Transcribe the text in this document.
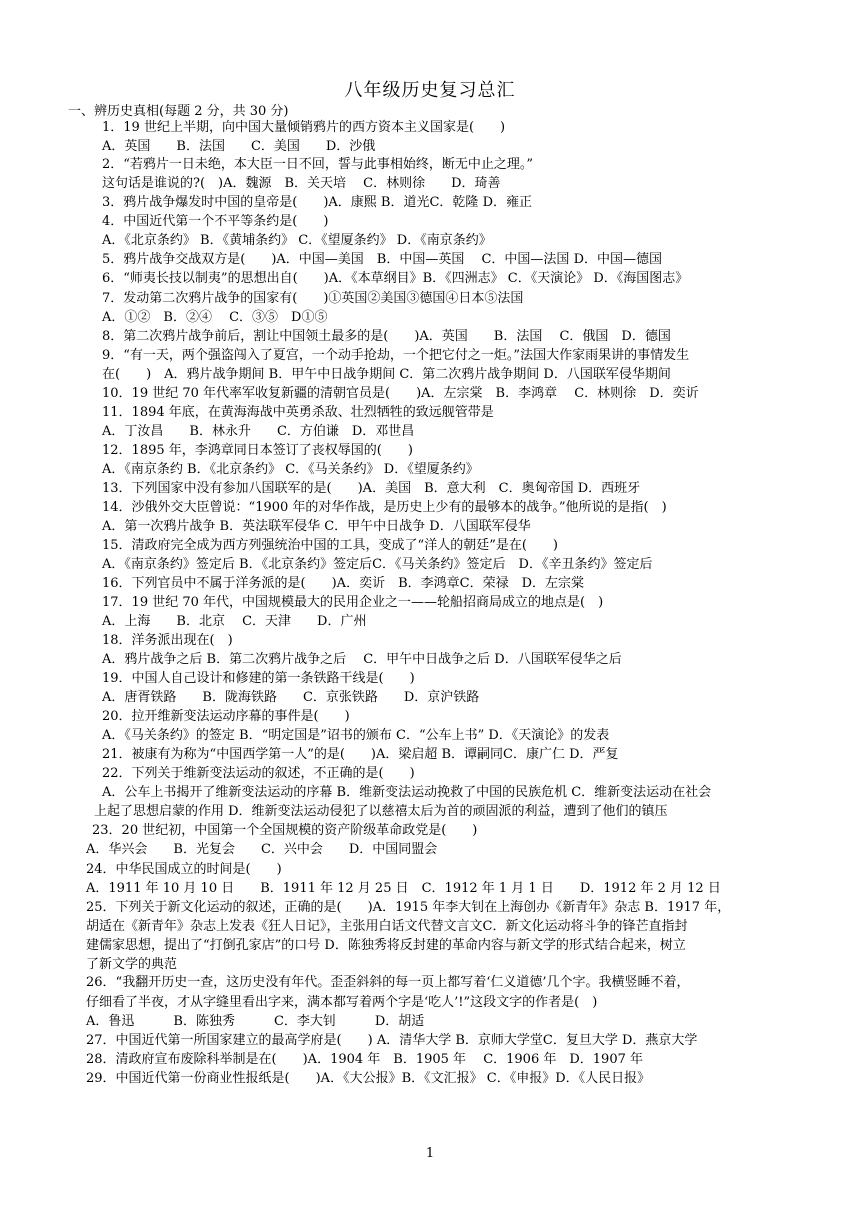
八年级历史复习总汇
一、辨历史真相(每题 2 分，共 30 分)
1．19 世纪上半期，向中国大量倾销鸦片的西方资本主义国家是(　　)
A．英国　　B．法国　　C．美国　　D．沙俄
2．“若鸦片一日未绝，本大臣一日不回，誓与此事相始终，断无中止之理。”
这句话是谁说的?(　)A．魏源　B．关天培　 C．林则徐　　D．琦善
3．鸦片战争爆发时中国的皇帝是(　　)A．康熙 B．道光C．乾隆 D．雍正
4．中国近代第一个不平等条约是(　　)
A．《北京条约》 B．《黄埔条约》 C．《望厦条约》 D．《南京条约》
5．鸦片战争交战双方是(　　)A．中国—美国　B．中国—英国　 C．中国—法国 D．中国—德国
6．“师夷长技以制夷”的思想出自(　　)A．《本草纲目》B．《四洲志》 C．《天演论》 D．《海国图志》
7．发动第二次鸦片战争的国家有(　　)①英国②美国③德国④日本⑤法国
A．①②　B．②④　 C．③⑤　D①⑤
8．第二次鸦片战争前后，割让中国领土最多的是(　　)A．英国　　B．法国　 C．俄国　D．德国
9．“有一天，两个强盗闯入了夏宫，一个动手抢劫，一个把它付之一炬。”法国大作家雨果讲的事情发生
在(　　)　A．鸦片战争期间 B．甲午中日战争期间 C．第二次鸦片战争期间 D．八国联军侵华期间
10．19 世纪 70 年代率军收复新疆的清朝官员是(　　)A．左宗棠　B．李鸿章　 C．林则徐　D．奕䜣
11．1894 年底，在黄海海战中英勇杀敌、壮烈牺牲的致远舰管带是
A．丁汝昌　　B．林永升　　C．方伯谦　D．邓世昌
12．1895 年，李鸿章同日本签订了丧权辱国的(　　)
A．《南京条约 B．《北京条约》 C．《马关条约》 D．《望厦条约》
13．下列国家中没有参加八国联军的是(　　)A．美国　B．意大利　C．奥匈帝国 D．西班牙
14．沙俄外交大臣曾说：“1900 年的对华作战，是历史上少有的最够本的战争。”他所说的是指(　)
A．第一次鸦片战争 B．英法联军侵华 C．甲午中日战争 D．八国联军侵华
15．清政府完全成为西方列强统治中国的工具，变成了“洋人的朝廷”是在(　　)
A．《南京条约》签定后 B．《北京条约》签定后C．《马关条约》签定后　D．《辛丑条约》签定后
16．下列官员中不属于洋务派的是(　　)A．奕䜣　B．李鸿章C．荣禄　D．左宗棠
17．19 世纪 70 年代，中国规模最大的民用企业之一——轮船招商局成立的地点是(　)
A．上海　　B．北京　 C．天津　　D．广州
18．洋务派出现在(　)
A．鸦片战争之后 B．第二次鸦片战争之后　 C．甲午中日战争之后 D．八国联军侵华之后
19．中国人自己设计和修建的第一条铁路干线是(　　)
A．唐胥铁路　　B．陇海铁路　　C．京张铁路　　D．京沪铁路
20．拉开维新变法运动序幕的事件是(　　)
A．《马关条约》的签定 B．“明定国是”诏书的颁布 C．“公车上书” D．《天演论》的发表
21．被康有为称为“中国西学第一人”的是(　　)A．梁启超 B．谭嗣同C．康广仁 D．严复
22．下列关于维新变法运动的叙述，不正确的是(　　)
A．公车上书揭开了维新变法运动的序幕 B．维新变法运动挽救了中国的民族危机 C．维新变法运动在社会
上起了思想启蒙的作用 D．维新变法运动侵犯了以慈禧太后为首的顽固派的利益，遭到了他们的镇压
23．20 世纪初，中国第一个全国规模的资产阶级革命政党是(　　)
A．华兴会　　B．光复会　　C．兴中会　　D．中国同盟会
24．中华民国成立的时间是(　　)
A．1911 年 10 月 10 日　　B．1911 年 12 月 25 日　C．1912 年 1 月 1 日　　D．1912 年 2 月 12 日
25．下列关于新文化运动的叙述，正确的是(　　)A．1915 年李大钊在上海创办《新青年》杂志 B．1917 年，
胡适在《新青年》杂志上发表《狂人日记》，主张用白话文代替文言文C．新文化运动将斗争的锋芒直指封
建儒家思想，提出了“打倒孔家店”的口号 D．陈独秀将反封建的革命内容与新文学的形式结合起来，树立
了新文学的典范
26．“我翻开历史一查，这历史没有年代。歪歪斜斜的每一页上都写着‘仁义道德’几个字。我横竖睡不着，
仔细看了半夜，才从字缝里看出字来，满本都写着两个字是‘吃人’!”这段文字的作者是(　)
A．鲁迅　　　B．陈独秀　　　C．李大钊　　　D．胡适
27．中国近代第一所国家建立的最高学府是(　　) A．清华大学 B．京师大学堂C．复旦大学 D．燕京大学
28．清政府宣布废除科举制是在(　　)A．1904 年　B．1905 年　 C．1906 年　D．1907 年
29．中国近代第一份商业性报纸是(　　)A．《大公报》B．《文汇报》 C．《申报》D．《人民日报》
1
